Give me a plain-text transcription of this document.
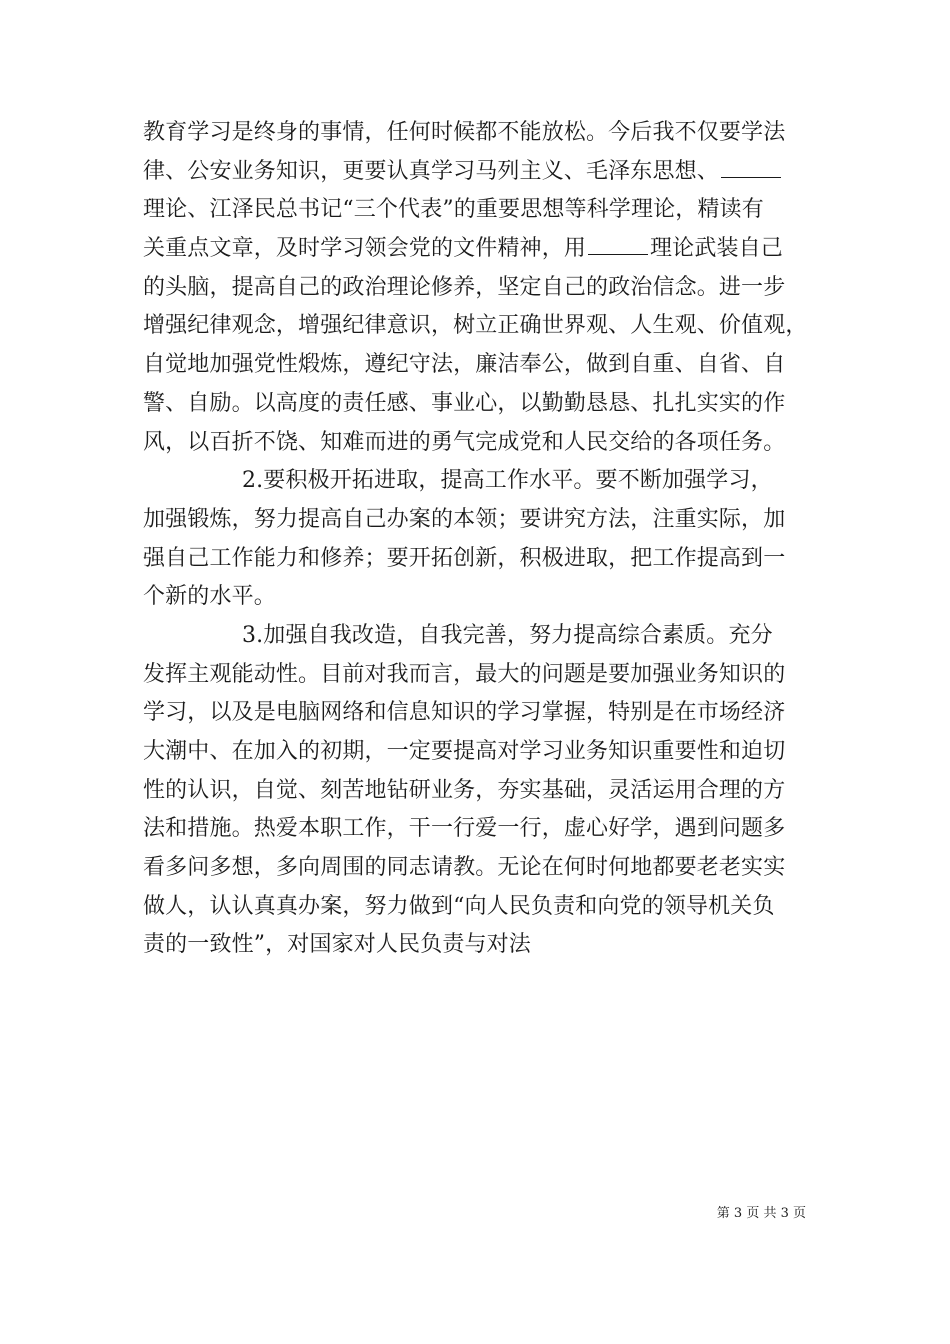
教育学习是终身的事情，任何时候都不能放松。今后我不仅要学法
律、公安业务知识，更要认真学习马列主义、毛泽东思想、
理论、江泽民总书记“三个代表”的重要思想等科学理论，精读有
关重点文章，及时学习领会党的文件精神，用	理论武装自己
的头脑，提高自己的政治理论修养，坚定自己的政治信念。进一步
增强纪律观念，增强纪律意识，树立正确世界观、人生观、价值观，
自觉地加强党性煅炼，遵纪守法，廉洁奉公，做到自重、自省、自
警、自励。以高度的责任感、事业心，以勤勤恳恳、扎扎实实的作
风，以百折不饶、知难而进的勇气完成党和人民交给的各项任务。
2.要积极开拓进取，提高工作水平。要不断加强学习，
加强锻炼，努力提高自己办案的本领；要讲究方法，注重实际，加
强自己工作能力和修养；要开拓创新，积极进取，把工作提高到一
个新的水平。
3.加强自我改造，自我完善，努力提高综合素质。充分
发挥主观能动性。目前对我而言，最大的问题是要加强业务知识的
学习，以及是电脑网络和信息知识的学习掌握，特别是在市场经济
大潮中、在加入的初期，一定要提高对学习业务知识重要性和迫切
性的认识，自觉、刻苦地钻研业务，夯实基础，灵活运用合理的方
法和措施。热爱本职工作，干一行爱一行，虚心好学，遇到问题多
看多问多想，多向周围的同志请教。无论在何时何地都要老老实实
做人，认认真真办案，努力做到“向人民负责和向党的领导机关负
责的一致性”，对国家对人民负责与对法
第 3 页 共 3 页
